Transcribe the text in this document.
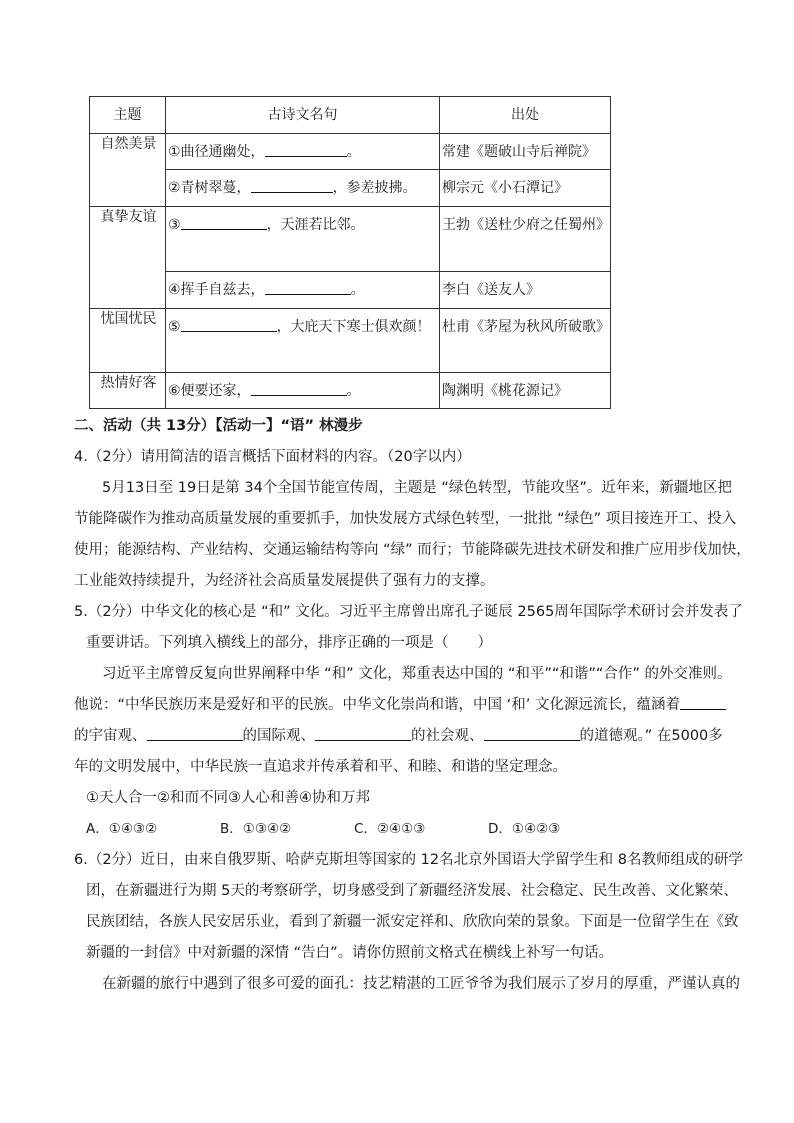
主题	古诗文名句	出处
自然美景	①曲径通幽处， 。	常建《题破山寺后禅院》

	②青树翠蔓， ，参差披拂。	柳宗元《小石潭记》

真挚友谊	③ ，天涯若比邻。	王勃《送杜少府之任蜀州》

	④挥手自兹去， 。	李白《送友人》

忧国忧民	⑤ ，大庇天下寒士俱欢颜！	杜甫《茅屋为秋风所破歌》

热情好客	⑥便要还家， 。	陶渊明《桃花源记》
二、活动（共 13分）【活动一】“语” 林漫步
4.（2分）请用简洁的语言概括下面材料的内容。（20字以内）
5月13日至 19日是第 34个全国节能宣传周，主题是 “绿色转型，节能攻坚”。近年来，新疆地区把
节能降碳作为推动高质量发展的重要抓手，加快发展方式绿色转型，一批批 “绿色” 项目接连开工、投入
使用；能源结构、产业结构、交通运输结构等向 “绿” 而行；节能降碳先进技术研发和推广应用步伐加快，
工业能效持续提升，为经济社会高质量发展提供了强有力的支撑。
5.（2分）中华文化的核心是 “和” 文化。习近平主席曾出席孔子诞辰 2565周年国际学术研讨会并发表了
重要讲话。下列填入横线上的部分，排序正确的一项是（　　）
习近平主席曾反复向世界阐释中华 “和” 文化，郑重表达中国的 “和平”“和谐”“合作” 的外交准则。
他说：“中华民族历来是爱好和平的民族。中华文化崇尚和谐，中国 ‘和’ 文化源远流长，蕴涵着
的宇宙观、	的国际观、	的社会观、	的道德观。” 在5000多
年的文明发展中，中华民族一直追求并传承着和平、和睦、和谐的坚定理念。
①天人合一②和而不同③人心和善④协和万邦
A．①④③②	B．①③④②	C．②④①③	D．①④②③
6.（2分）近日，由来自俄罗斯、哈萨克斯坦等国家的 12名北京外国语大学留学生和 8名教师组成的研学
团，在新疆进行为期 5天的考察研学，切身感受到了新疆经济发展、社会稳定、民生改善、文化繁荣、
民族团结，各族人民安居乐业，看到了新疆一派安定祥和、欣欣向荣的景象。下面是一位留学生在《致
新疆的一封信》中对新疆的深情 “告白”。请你仿照前文格式在横线上补写一句话。
在新疆的旅行中遇到了很多可爱的面孔：技艺精湛的工匠爷爷为我们展示了岁月的厚重，严谨认真的
